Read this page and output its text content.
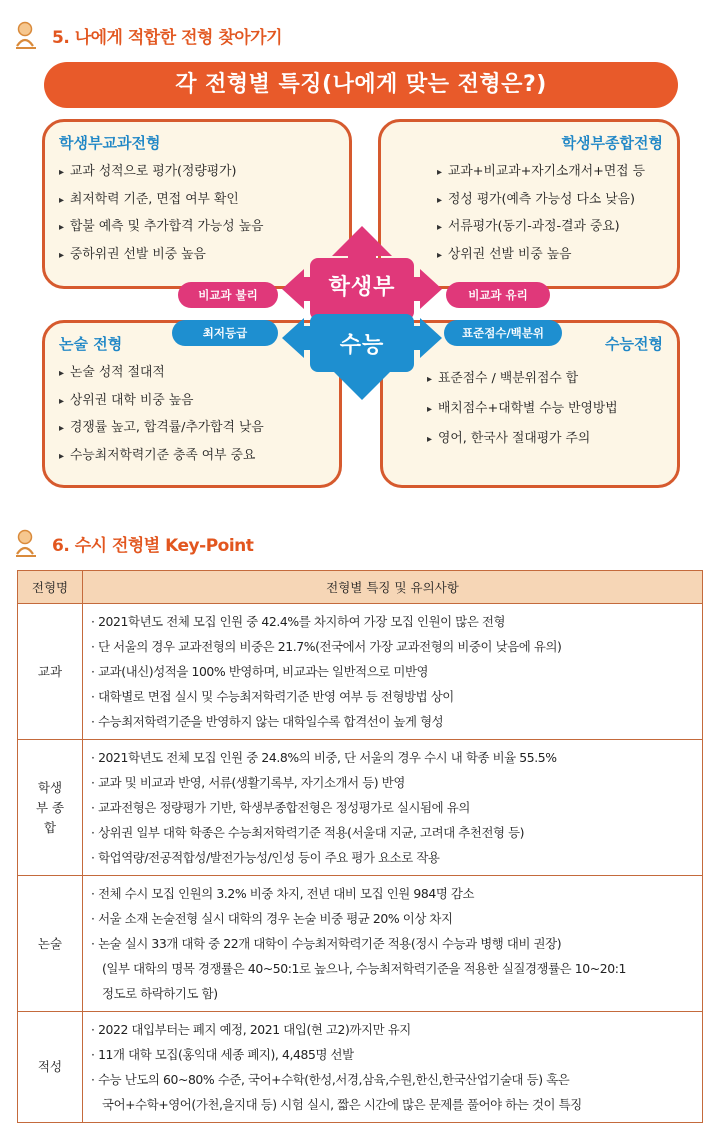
5. 나에게 적합한 전형 찾아가기
각 전형별 특징(나에게 맞는 전형은?)
학생부교과전형
▸ 교과 성적으로 평가(정량평가)
▸ 최저학력 기준, 면접 여부 확인
▸ 합불 예측 및 추가합격 가능성 높음
▸ 중하위권 선발 비중 높음
학생부종합전형
▸ 교과+비교과+자기소개서+면접 등
▸ 정성 평가(예측 가능성 다소 낮음)
▸ 서류평가(동기-과정-결과 중요)
▸ 상위권 선발 비중 높음
논술 전형
▸ 논술 성적 절대적
▸ 상위권 대학 비중 높음
▸ 경쟁률 높고, 합격률/추가합격 낮음
▸ 수능최저학력기준 충족 여부 중요
수능전형
▸ 표준점수 / 백분위점수 합
▸ 배치점수+대학별 수능 반영방법
▸ 영어, 한국사 절대평가 주의
학생부
수능
비교과 불리	비교과 유리
최저등급	표준점수/백분위
6. 수시 전형별 Key-Point
전형명	전형별 특징 및 유의사항
교과	· 2021학년도 전체 모집 인원 중 42.4%를 차지하여 가장 모집 인원이 많은 전형

· 단 서울의 경우 교과전형의 비중은 21.7%(전국에서 가장 교과전형의 비중이 낮음에 유의)

· 교과(내신)성적을 100% 반영하며, 비교과는 일반적으로 미반영

· 대학별로 면접 실시 및 수능최저학력기준 반영 여부 등 전형방법 상이

· 수능최저학력기준을 반영하지 않는 대학일수록 합격선이 높게 형성

학생부 종합	· 2021학년도 전체 모집 인원 중 24.8%의 비중, 단 서울의 경우 수시 내 학종 비율 55.5%

· 교과 및 비교과 반영, 서류(생활기록부, 자기소개서 등) 반영

· 교과전형은 정량평가 기반, 학생부종합전형은 정성평가로 실시됨에 유의

· 상위권 일부 대학 학종은 수능최저학력기준 적용(서울대 지균, 고려대 추천전형 등)

· 학업역량/전공적합성/발전가능성/인성 등이 주요 평가 요소로 작용

논술	· 전체 수시 모집 인원의 3.2% 비중 차지, 전년 대비 모집 인원 984명 감소

· 서울 소재 논술전형 실시 대학의 경우 논술 비중 평균 20% 이상 차지

· 논술 실시 33개 대학 중 22개 대학이 수능최저학력기준 적용(정시 수능과 병행 대비 권장)

(일부 대학의 명목 경쟁률은 40~50:1로 높으나, 수능최저학력기준을 적용한 실질경쟁률은 10~20:1

정도로 하락하기도 함)

적성	· 2022 대입부터는 폐지 예정, 2021 대입(현 고2)까지만 유지

· 11개 대학 모집(홍익대 세종 폐지), 4,485명 선발

· 수능 난도의 60~80% 수준, 국어+수학(한성,서경,삼육,수원,한신,한국산업기술대 등) 혹은

국어+수학+영어(가천,을지대 등) 시험 실시, 짧은 시간에 많은 문제를 풀어야 하는 것이 특징
